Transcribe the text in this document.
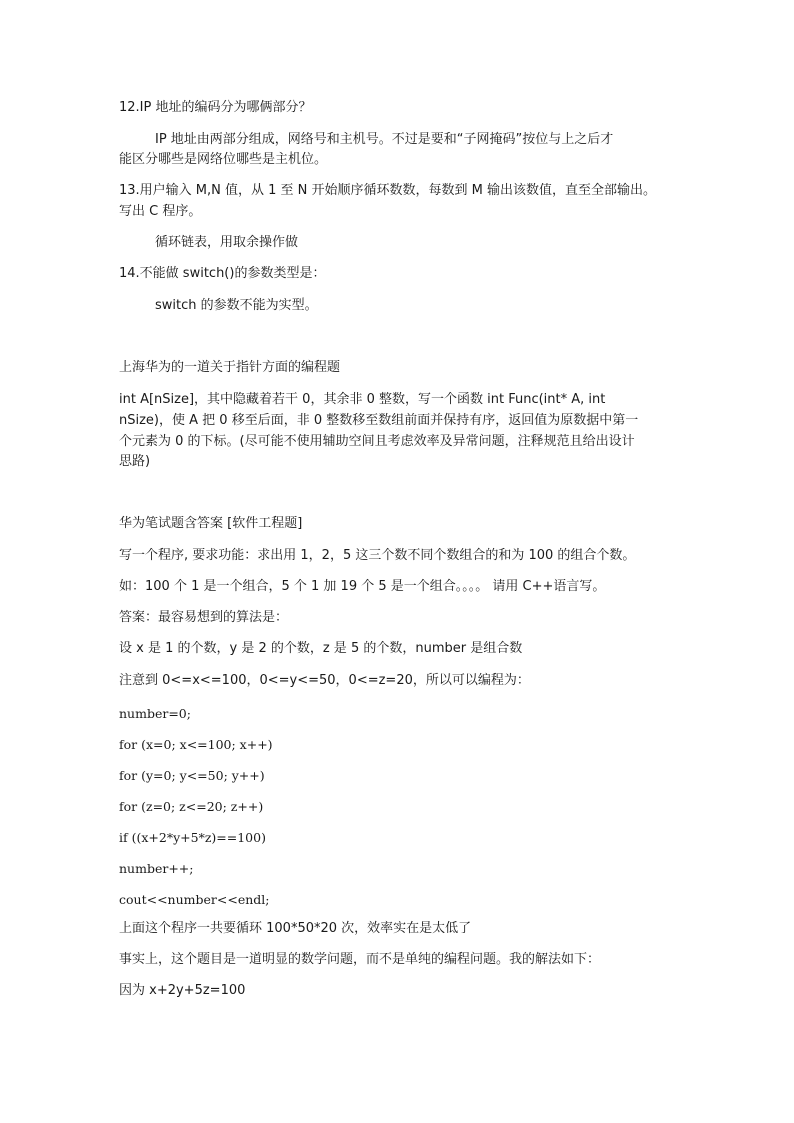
12.IP 地址的编码分为哪俩部分？
IP 地址由两部分组成，网络号和主机号。不过是要和“子网掩码”按位与上之后才
能区分哪些是网络位哪些是主机位。
13.用户输入 M,N 值，从 1 至 N 开始顺序循环数数，每数到 M 输出该数值，直至全部输出。
写出 C 程序。
循环链表，用取余操作做
14.不能做 switch()的参数类型是：
switch 的参数不能为实型。
上海华为的一道关于指针方面的编程题
int A[nSize]，其中隐藏着若干 0，其余非 0 整数，写一个函数 int Func(int* A, int
nSize)，使 A 把 0 移至后面，非 0 整数移至数组前面并保持有序，返回值为原数据中第一
个元素为 0 的下标。(尽可能不使用辅助空间且考虑效率及异常问题，注释规范且给出设计
思路)
华为笔试题含答案 [软件工程题]
写一个程序, 要求功能：求出用 1，2，5 这三个数不同个数组合的和为 100 的组合个数。
如：100 个 1 是一个组合，5 个 1 加 19 个 5 是一个组合。。。。 请用 C++语言写。
答案：最容易想到的算法是：
设 x 是 1 的个数，y 是 2 的个数，z 是 5 的个数，number 是组合数
注意到 0<=x<=100，0<=y<=50，0<=z=20，所以可以编程为：
number=0;
for (x=0; x<=100; x++)
for (y=0; y<=50; y++)
for (z=0; z<=20; z++)
if ((x+2*y+5*z)==100)
number++;
cout<<number<<endl;
上面这个程序一共要循环 100*50*20 次，效率实在是太低了
事实上，这个题目是一道明显的数学问题，而不是单纯的编程问题。我的解法如下：
因为 x+2y+5z=100
